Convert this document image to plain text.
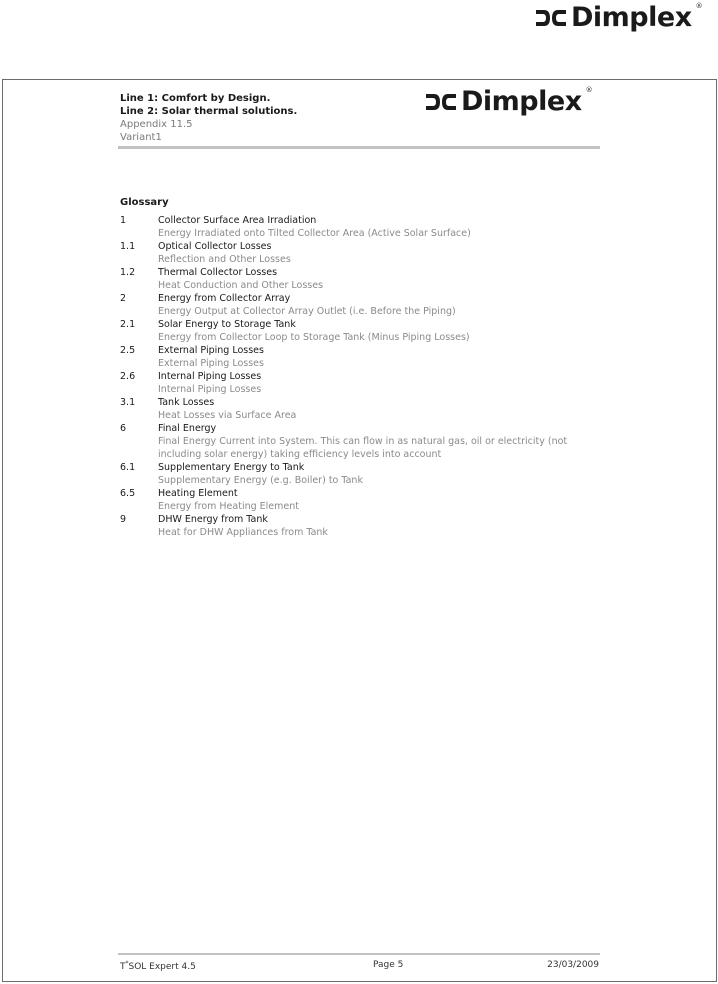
Dimplex ®
Line 1: Comfort by Design.
Line 2: Solar thermal solutions.
Appendix 11.5
Variant1
Dimplex ®
Glossary
1	Collector Surface Area Irradiation
Energy Irradiated onto Tilted Collector Area (Active Solar Surface)
1.1	Optical Collector Losses
Reflection and Other Losses
1.2	Thermal Collector Losses
Heat Conduction and Other Losses
2	Energy from Collector Array
Energy Output at Collector Array Outlet (i.e. Before the Piping)
2.1	Solar Energy to Storage Tank
Energy from Collector Loop to Storage Tank (Minus Piping Losses)
2.5	External Piping Losses
External Piping Losses
2.6	Internal Piping Losses
Internal Piping Losses
3.1	Tank Losses
Heat Losses via Surface Area
6	Final Energy
Final Energy Current into System. This can flow in as natural gas, oil or electricity (not including solar energy) taking efficiency levels into account
6.1	Supplementary Energy to Tank
Supplementary Energy (e.g. Boiler) to Tank
6.5	Heating Element
Energy from Heating Element
9	DHW Energy from Tank
Heat for DHW Appliances from Tank
T*SOL Expert 4.5	Page 5	23/03/2009
